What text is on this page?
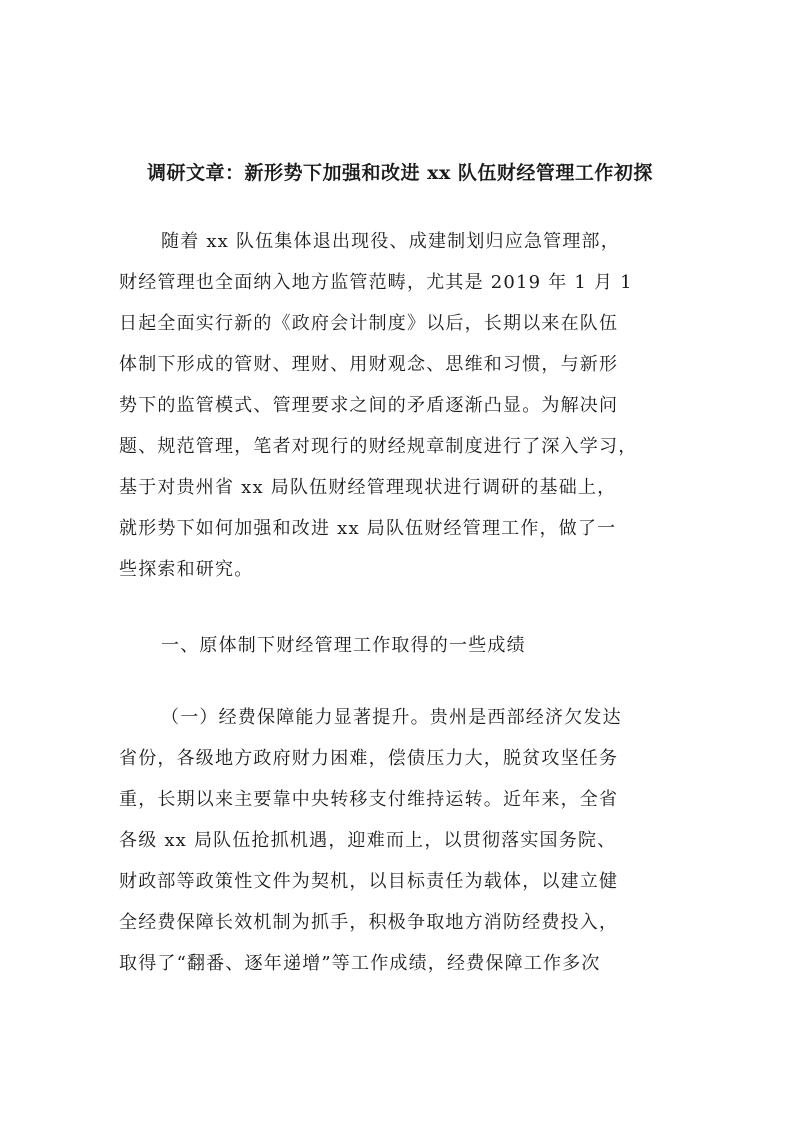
调研文章：新形势下加强和改进 xx 队伍财经管理工作初探
随着 xx 队伍集体退出现役、成建制划归应急管理部，
财经管理也全面纳入地方监管范畴，尤其是 2019 年 1 月 1
日起全面实行新的《政府会计制度》以后，长期以来在队伍
体制下形成的管财、理财、用财观念、思维和习惯，与新形
势下的监管模式、管理要求之间的矛盾逐渐凸显。为解决问
题、规范管理，笔者对现行的财经规章制度进行了深入学习，
基于对贵州省 xx 局队伍财经管理现状进行调研的基础上，
就形势下如何加强和改进 xx 局队伍财经管理工作，做了一
些探索和研究。
一、原体制下财经管理工作取得的一些成绩
（一）经费保障能力显著提升。贵州是西部经济欠发达
省份，各级地方政府财力困难，偿债压力大，脱贫攻坚任务
重，长期以来主要靠中央转移支付维持运转。近年来，全省
各级 xx 局队伍抢抓机遇，迎难而上，以贯彻落实国务院、
财政部等政策性文件为契机，以目标责任为载体，以建立健
全经费保障长效机制为抓手，积极争取地方消防经费投入，
取得了“翻番、逐年递增”等工作成绩，经费保障工作多次
